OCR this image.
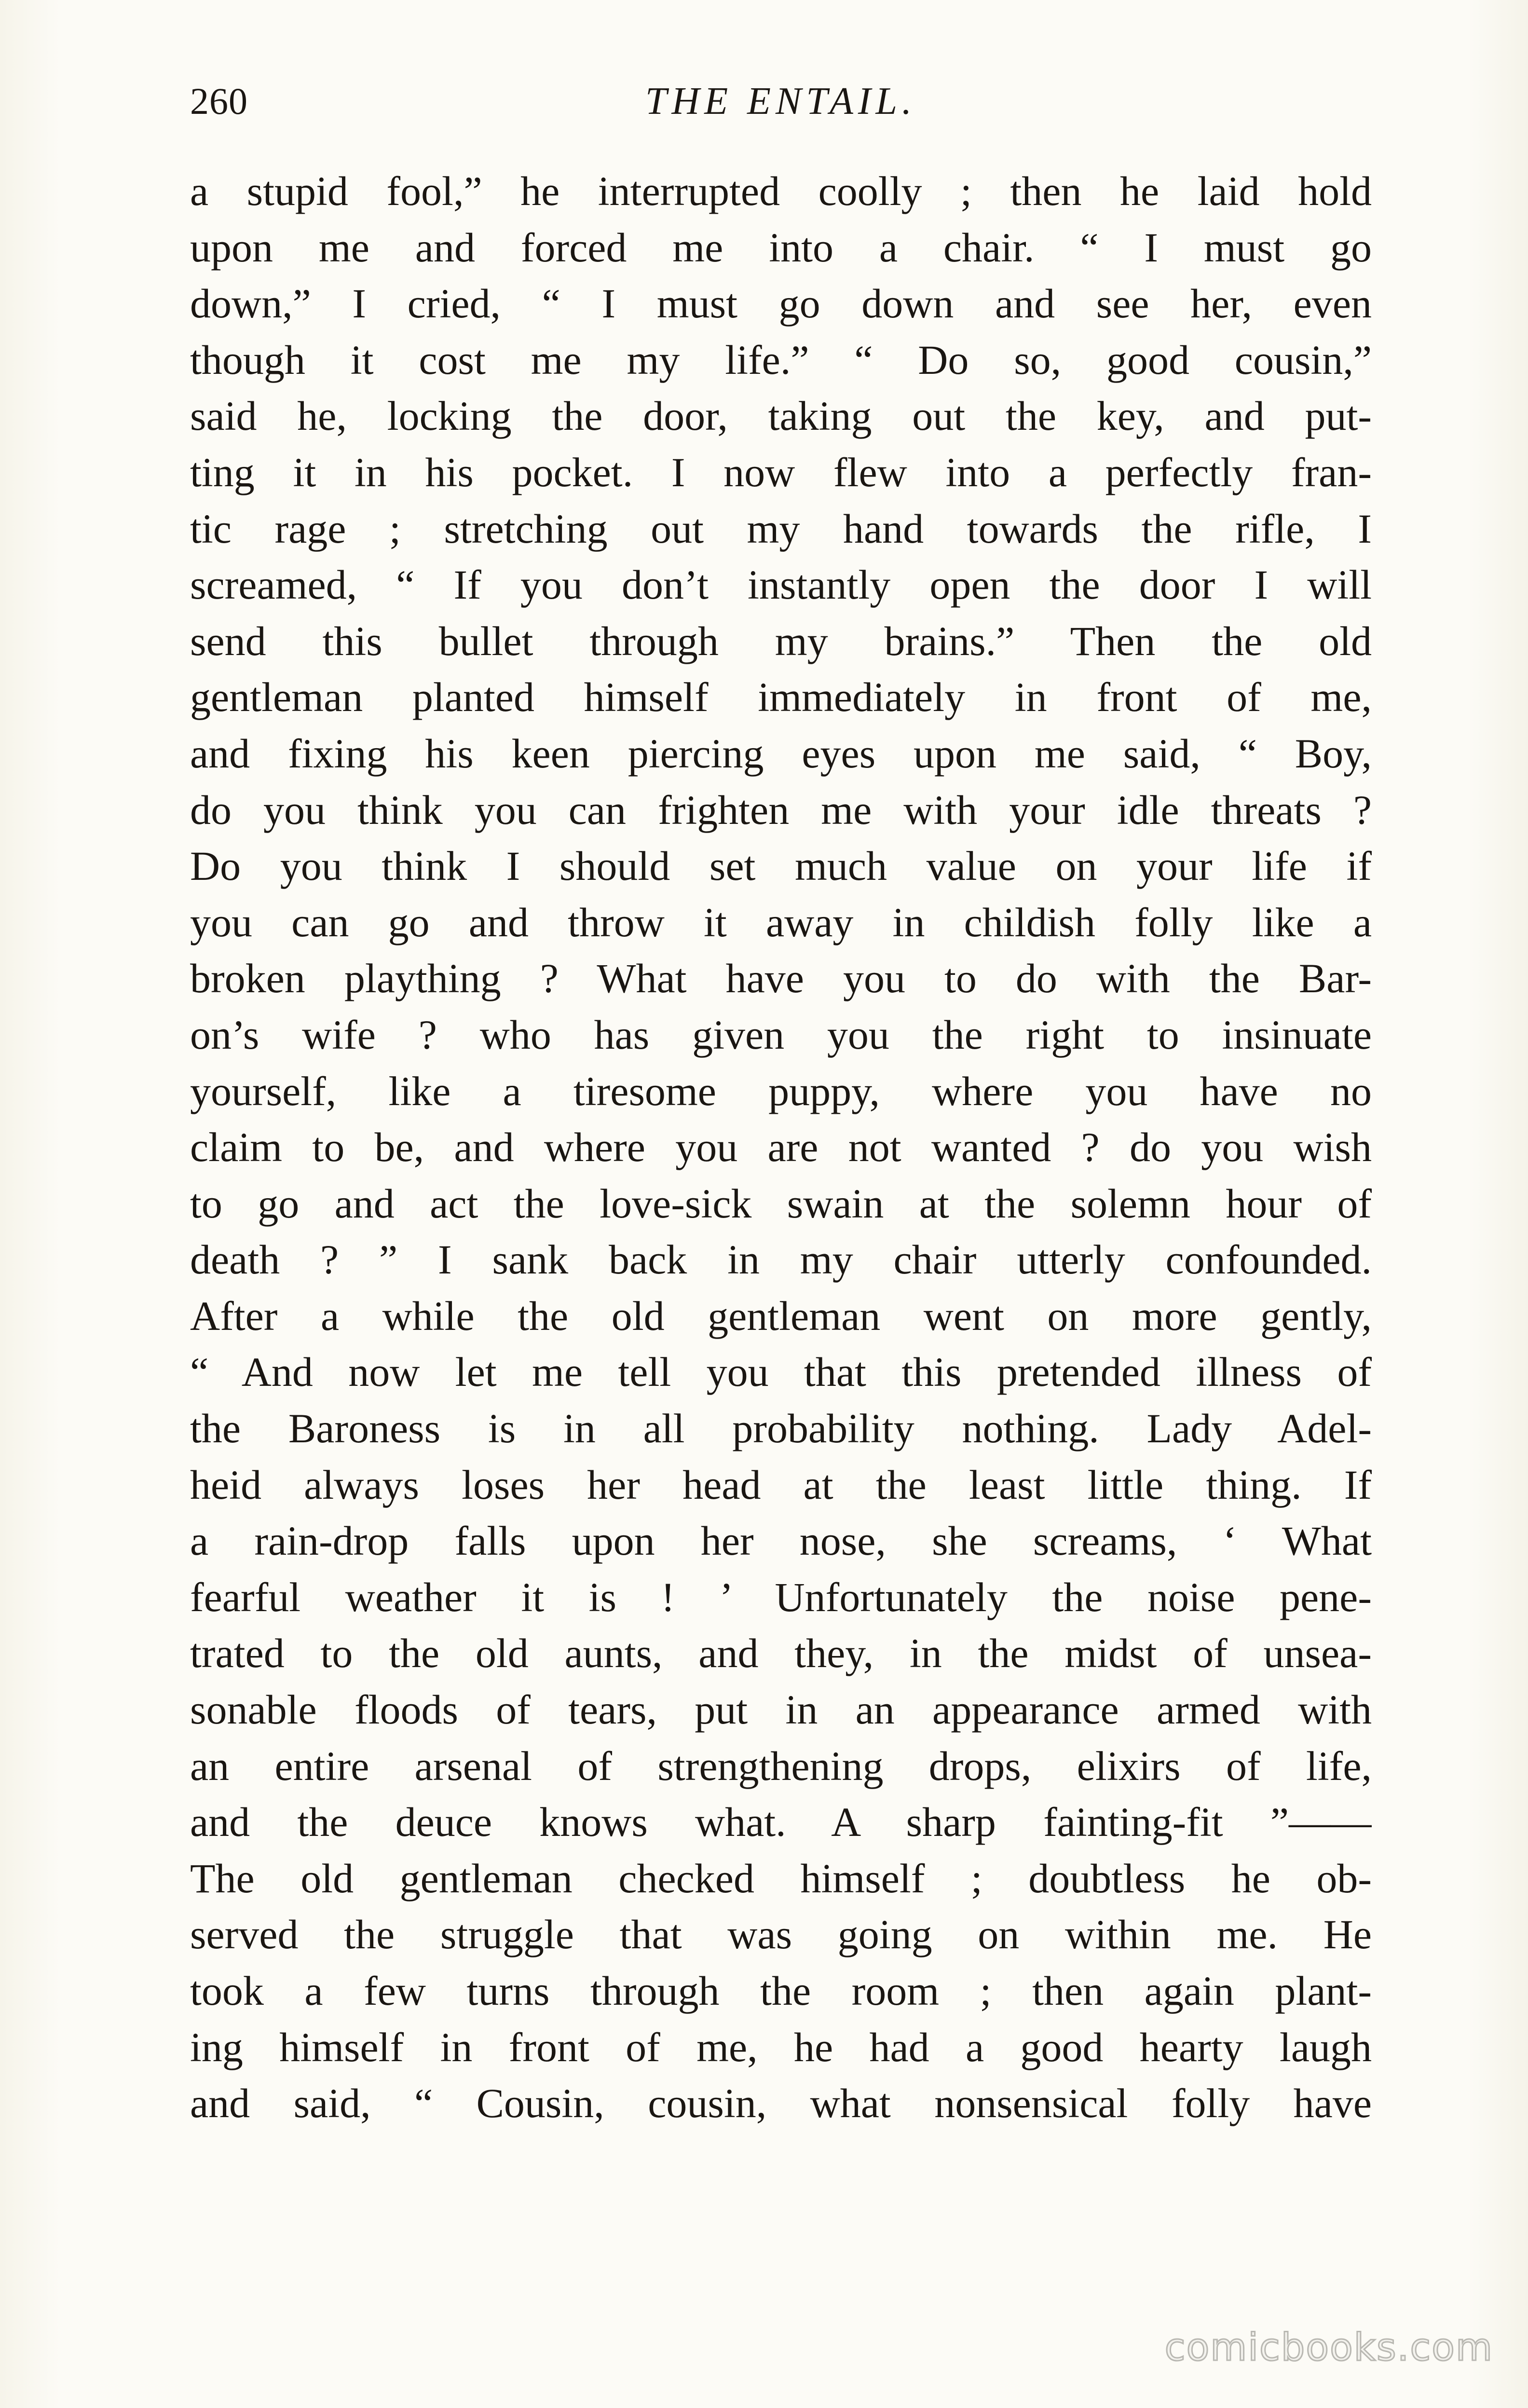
260	THE ENTAIL.
a stupid fool,” he interrupted coolly ; then he laid hold
upon me and forced me into a chair. “ I must go
down,” I cried, “ I must go down and see her, even
though it cost me my life.” “ Do so, good cousin,”
said he, locking the door, taking out the key, and put-
ting it in his pocket. I now flew into a perfectly fran-
tic rage ; stretching out my hand towards the rifle, I
screamed, “ If you don’t instantly open the door I will
send this bullet through my brains.” Then the old
gentleman planted himself immediately in front of me,
and fixing his keen piercing eyes upon me said, “ Boy,
do you think you can frighten me with your idle threats ?
Do you think I should set much value on your life if
you can go and throw it away in childish folly like a
broken plaything ? What have you to do with the Bar-
on’s wife ? who has given you the right to insinuate
yourself, like a tiresome puppy, where you have no
claim to be, and where you are not wanted ? do you wish
to go and act the love-sick swain at the solemn hour of
death ? ” I sank back in my chair utterly confounded.
After a while the old gentleman went on more gently,
“ And now let me tell you that this pretended illness of
the Baroness is in all probability nothing. Lady Adel-
heid always loses her head at the least little thing. If
a rain-drop falls upon her nose, she screams, ‘ What
fearful weather it is ! ’ Unfortunately the noise pene-
trated to the old aunts, and they, in the midst of unsea-
sonable floods of tears, put in an appearance armed with
an entire arsenal of strengthening drops, elixirs of life,
and the deuce knows what. A sharp fainting-fit ”——
The old gentleman checked himself ; doubtless he ob-
served the struggle that was going on within me. He
took a few turns through the room ; then again plant-
ing himself in front of me, he had a good hearty laugh
and said, “ Cousin, cousin, what nonsensical folly have
comicbooks.com
